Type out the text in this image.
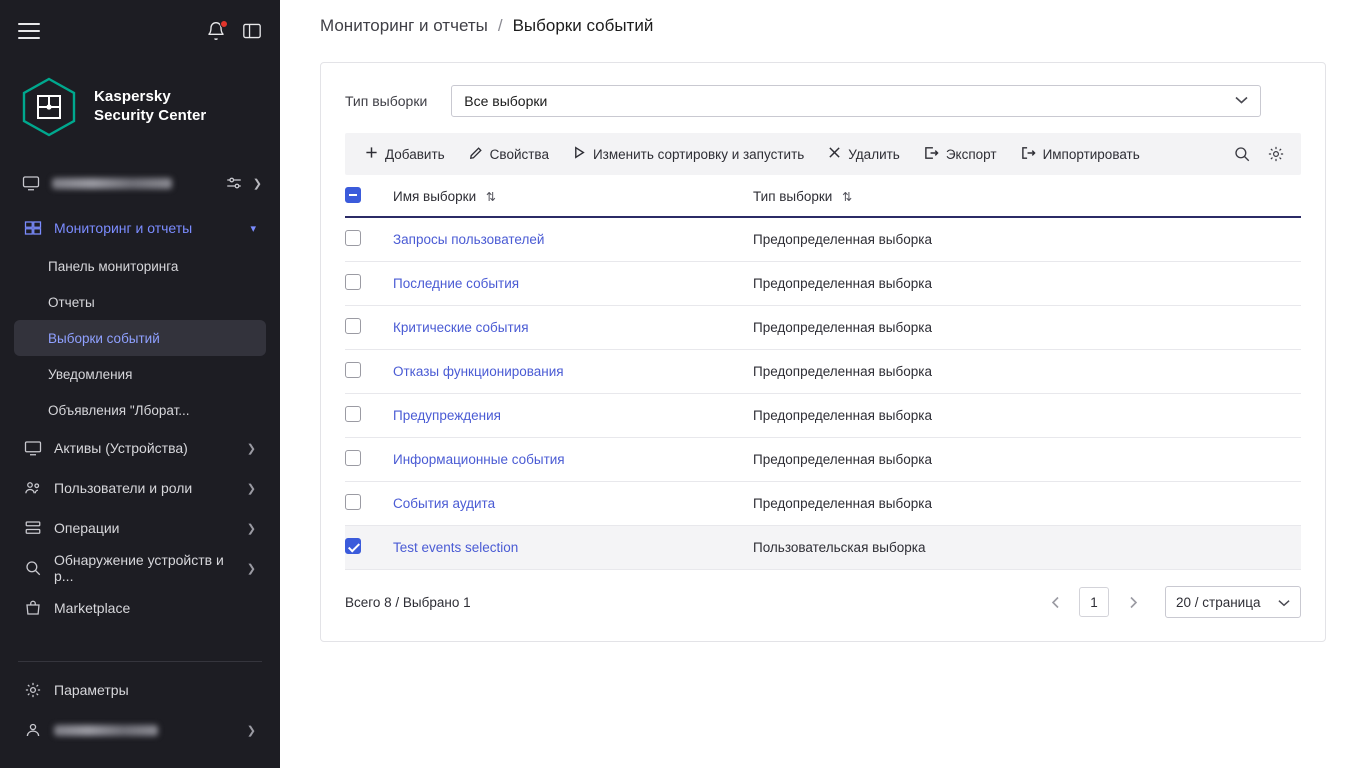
Kaspersky
Security Center
❯
Мониторинг и отчеты	▾
Панель мониторинга
Отчеты
Выборки событий
Уведомления
Объявления "Лборат...
Активы (Устройства)	❯
Пользователи и роли	❯
Операции	❯
Обнаружение устройств и р...	❯
Marketplace
Параметры
❯
Мониторинг и отчеты / Выборки событий
Тип выборки	Все выборки
Добавить	Свойства	Изменить сортировку и запустить	Удалить	Экспорт	Импортировать
	Имя выборки ⇅	Тип выборки ⇅
	Запросы пользователей	Предопределенная выборка
	Последние события	Предопределенная выборка
	Критические события	Предопределенная выборка
	Отказы функционирования	Предопределенная выборка
	Предупреждения	Предопределенная выборка
	Информационные события	Предопределенная выборка
	События аудита	Предопределенная выборка
	Test events selection	Пользовательская выборка
Всего 8 / Выбрано 1	1	20 / страница
